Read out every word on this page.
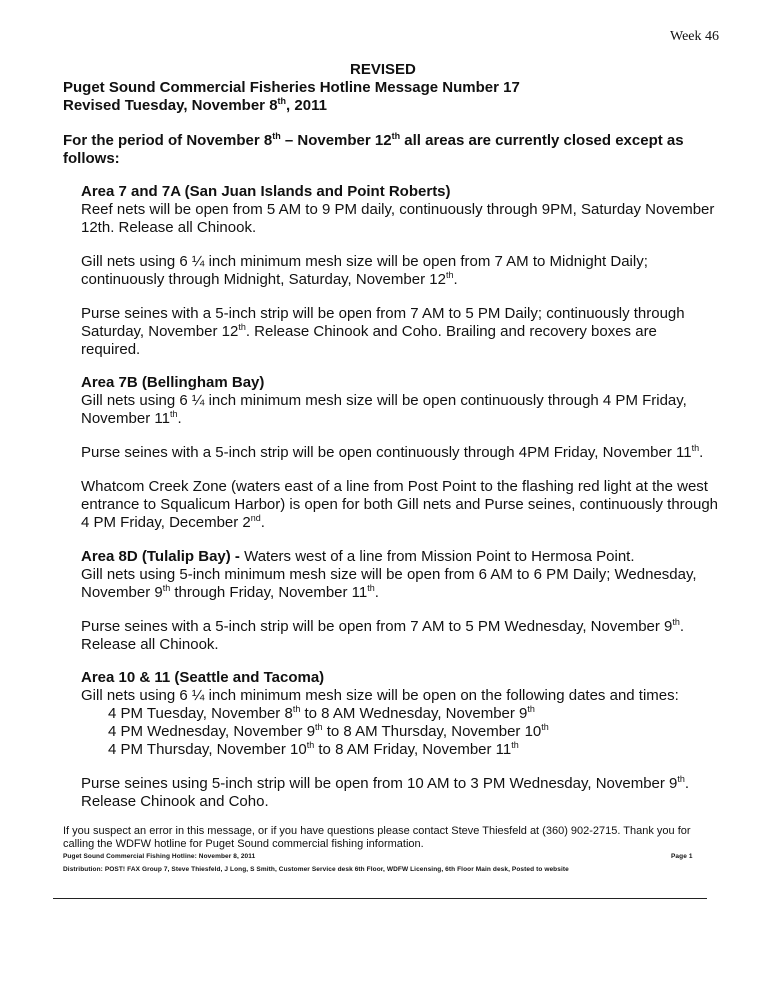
Week 46
REVISED
Puget Sound Commercial Fisheries Hotline Message Number 17
Revised Tuesday, November 8th, 2011
For the period of November 8th – November 12th all areas are currently closed except as
follows:
Area 7 and 7A (San Juan Islands and Point Roberts)
Reef nets will be open from 5 AM to 9 PM daily, continuously through 9PM, Saturday November
12th. Release all Chinook.
Gill nets using 6 ¼ inch minimum mesh size will be open from 7 AM to Midnight Daily;
continuously through Midnight, Saturday, November 12th.
Purse seines with a 5-inch strip will be open from 7 AM to 5 PM Daily; continuously through
Saturday, November 12th. Release Chinook and Coho. Brailing and recovery boxes are
required.
Area 7B (Bellingham Bay)
Gill nets using 6 ¼ inch minimum mesh size will be open continuously through 4 PM Friday,
November 11th.
Purse seines with a 5-inch strip will be open continuously through 4PM Friday, November 11th.
Whatcom Creek Zone (waters east of a line from Post Point to the flashing red light at the west
entrance to Squalicum Harbor) is open for both Gill nets and Purse seines, continuously through
4 PM Friday, December 2nd.
Area 8D (Tulalip Bay) - Waters west of a line from Mission Point to Hermosa Point.
Gill nets using 5-inch minimum mesh size will be open from 6 AM to 6 PM Daily; Wednesday,
November 9th through Friday, November 11th.
Purse seines with a 5-inch strip will be open from 7 AM to 5 PM Wednesday, November 9th.
Release all Chinook.
Area 10 & 11 (Seattle and Tacoma)
Gill nets using 6 ¼ inch minimum mesh size will be open on the following dates and times:
4 PM Tuesday, November 8th to 8 AM Wednesday, November 9th
4 PM Wednesday, November 9th to 8 AM Thursday, November 10th
4 PM Thursday, November 10th to 8 AM Friday, November 11th
Purse seines using 5-inch strip will be open from 10 AM to 3 PM Wednesday, November 9th.
Release Chinook and Coho.
If you suspect an error in this message, or if you have questions please contact Steve Thiesfeld at (360) 902-2715. Thank you for
calling the WDFW hotline for Puget Sound commercial fishing information.
Puget Sound Commercial Fishing Hotline: November 8, 2011	Page 1
Distribution: POST! FAX Group 7, Steve Thiesfeld, J Long, S Smith, Customer Service desk 6th Floor, WDFW Licensing, 6th Floor Main desk, Posted to website
